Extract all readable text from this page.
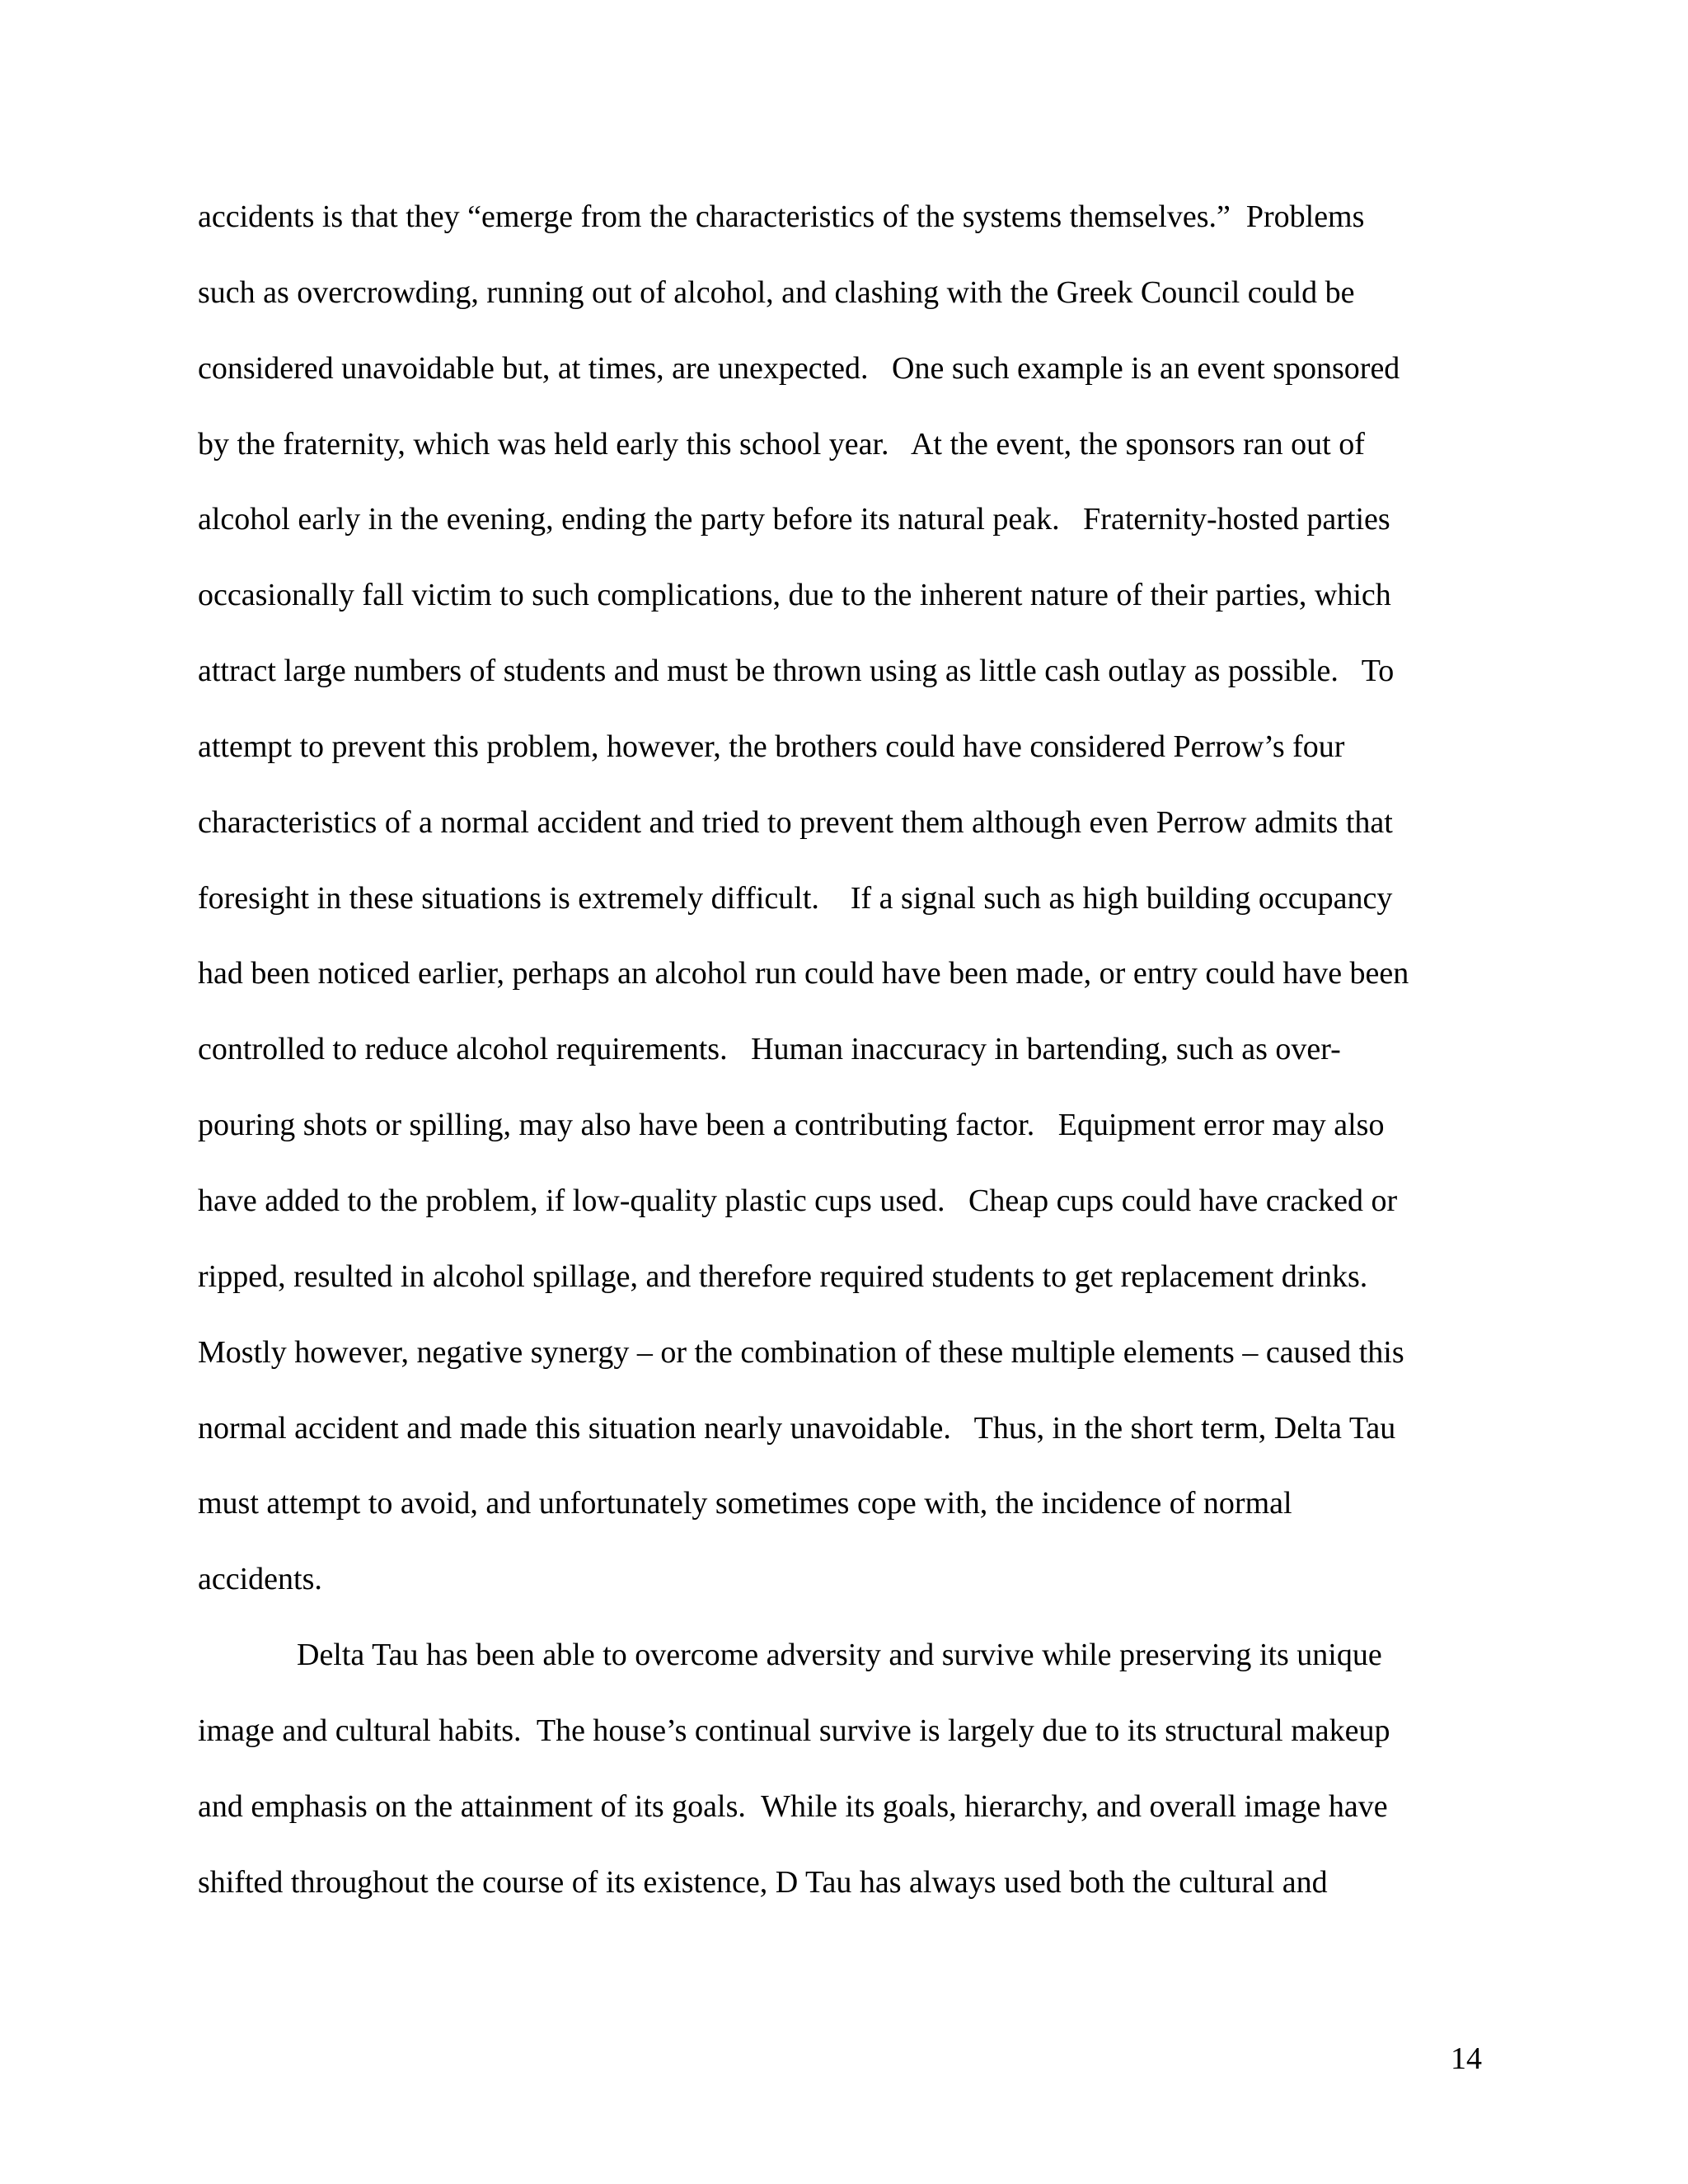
accidents is that they “emerge from the characteristics of the systems themselves.”  Problems
such as overcrowding, running out of alcohol, and clashing with the Greek Council could be
considered unavoidable but, at times, are unexpected.   One such example is an event sponsored
by the fraternity, which was held early this school year.   At the event, the sponsors ran out of
alcohol early in the evening, ending the party before its natural peak.   Fraternity-hosted parties
occasionally fall victim to such complications, due to the inherent nature of their parties, which
attract large numbers of students and must be thrown using as little cash outlay as possible.   To
attempt to prevent this problem, however, the brothers could have considered Perrow’s four
characteristics of a normal accident and tried to prevent them although even Perrow admits that
foresight in these situations is extremely difficult.    If a signal such as high building occupancy
had been noticed earlier, perhaps an alcohol run could have been made, or entry could have been
controlled to reduce alcohol requirements.   Human inaccuracy in bartending, such as over-
pouring shots or spilling, may also have been a contributing factor.   Equipment error may also
have added to the problem, if low-quality plastic cups used.   Cheap cups could have cracked or
ripped, resulted in alcohol spillage, and therefore required students to get replacement drinks.
Mostly however, negative synergy – or the combination of these multiple elements – caused this
normal accident and made this situation nearly unavoidable.   Thus, in the short term, Delta Tau
must attempt to avoid, and unfortunately sometimes cope with, the incidence of normal
accidents.
Delta Tau has been able to overcome adversity and survive while preserving its unique
image and cultural habits.  The house’s continual survive is largely due to its structural makeup
and emphasis on the attainment of its goals.  While its goals, hierarchy, and overall image have
shifted throughout the course of its existence, D Tau has always used both the cultural and
14
